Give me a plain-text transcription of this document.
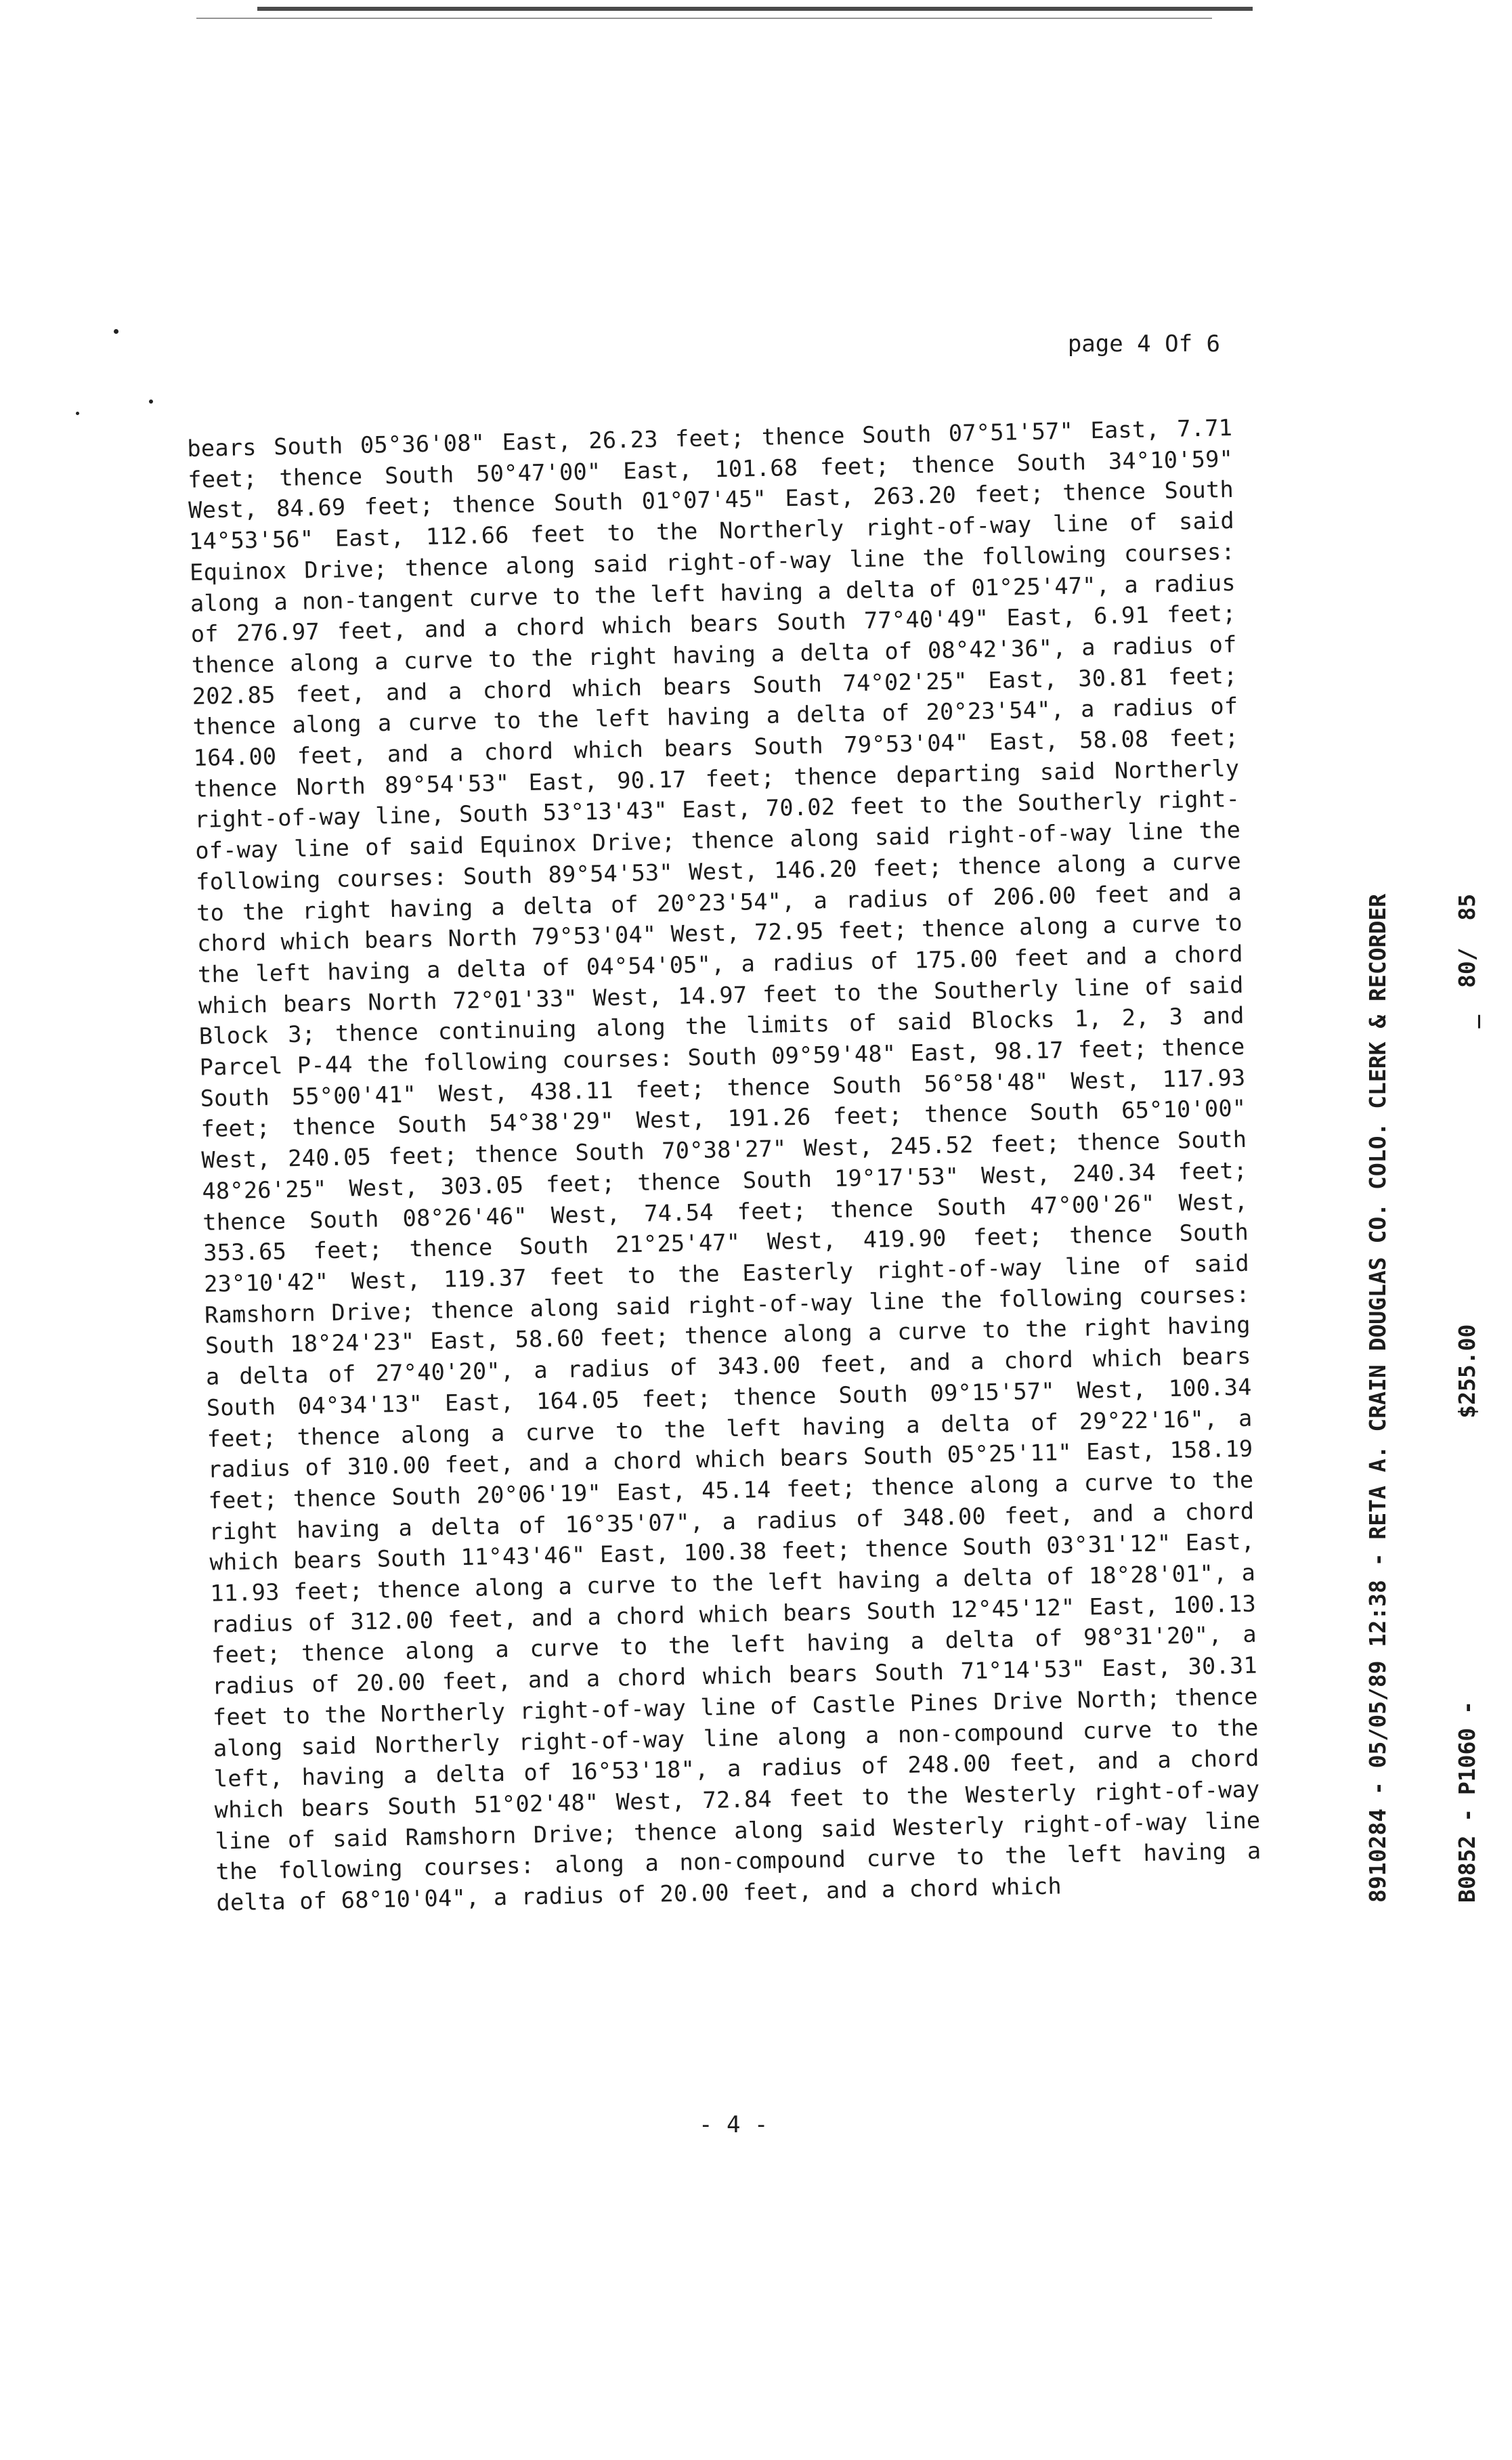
page 4 Of 6

bears South 05°36'08" East, 26.23 feet; thence South 07°51'57" East, 7.71 feet; thence South 50°47'00" East, 101.68 feet; thence South 34°10'59" West, 84.69 feet; thence South 01°07'45" East, 263.20 feet; thence South 14°53'56" East, 112.66 feet to the Northerly right-of-way line of said Equinox Drive; thence along said right-of-way line the following courses: along a non-tangent curve to the left having a delta of 01°25'47", a radius of 276.97 feet, and a chord which bears South 77°40'49" East, 6.91 feet; thence along a curve to the right having a delta of 08°42'36", a radius of 202.85 feet, and a chord which bears South 74°02'25" East, 30.81 feet; thence along a curve to the left having a delta of 20°23'54", a radius of 164.00 feet, and a chord which bears South 79°53'04" East, 58.08 feet; thence North 89°54'53" East, 90.17 feet; thence departing said Northerly right-of-way line, South 53°13'43" East, 70.02 feet to the Southerly right-of-way line of said Equinox Drive; thence along said right-of-way line the following courses: South 89°54'53" West, 146.20 feet; thence along a curve to the right having a delta of 20°23'54", a radius of 206.00 feet and a chord which bears North 79°53'04" West, 72.95 feet; thence along a curve to the left having a delta of 04°54'05", a radius of 175.00 feet and a chord which bears North 72°01'33" West, 14.97 feet to the Southerly line of said Block 3; thence continuing along the limits of said Blocks 1, 2, 3 and Parcel P-44 the following courses: South 09°59'48" East, 98.17 feet; thence South 55°00'41" West, 438.11 feet; thence South 56°58'48" West, 117.93 feet; thence South 54°38'29" West, 191.26 feet; thence South 65°10'00" West, 240.05 feet; thence South 70°38'27" West, 245.52 feet; thence South 48°26'25" West, 303.05 feet; thence South 19°17'53" West, 240.34 feet; thence South 08°26'46" West, 74.54 feet; thence South 47°00'26" West, 353.65 feet; thence South 21°25'47" West, 419.90 feet; thence South 23°10'42" West, 119.37 feet to the Easterly right-of-way line of said Ramshorn Drive; thence along said right-of-way line the following courses: South 18°24'23" East, 58.60 feet; thence along a curve to the right having a delta of 27°40'20", a radius of 343.00 feet, and a chord which bears South 04°34'13" East, 164.05 feet; thence South 09°15'57" West, 100.34 feet; thence along a curve to the left having a delta of 29°22'16", a radius of 310.00 feet, and a chord which bears South 05°25'11" East, 158.19 feet; thence South 20°06'19" East, 45.14 feet; thence along a curve to the right having a delta of 16°35'07", a radius of 348.00 feet, and a chord which bears South 11°43'46" East, 100.38 feet; thence South 03°31'12" East, 11.93 feet; thence along a curve to the left having a delta of 18°28'01", a radius of 312.00 feet, and a chord which bears South 12°45'12" East, 100.13 feet; thence along a curve to the left having a delta of 98°31'20", a radius of 20.00 feet, and a chord which bears South 71°14'53" East, 30.31 feet to the Northerly right-of-way line of Castle Pines Drive North; thence along said Northerly right-of-way line along a non-compound curve to the left, having a delta of 16°53'18", a radius of 248.00 feet, and a chord which bears South 51°02'48" West, 72.84 feet to the Westerly right-of-way line of said Ramshorn Drive; thence along said Westerly right-of-way line the following courses: along a non-compound curve to the left having a delta of 68°10'04", a radius of 20.00 feet, and a chord which

	8910284 - 05/05/89 12:38 - RETA A. CRAIN DOUGLAS CO. COLO. CLERK & RECORDER

	B0852 - P1060 -                     $255.00                      _  80/  85

- 4 -
